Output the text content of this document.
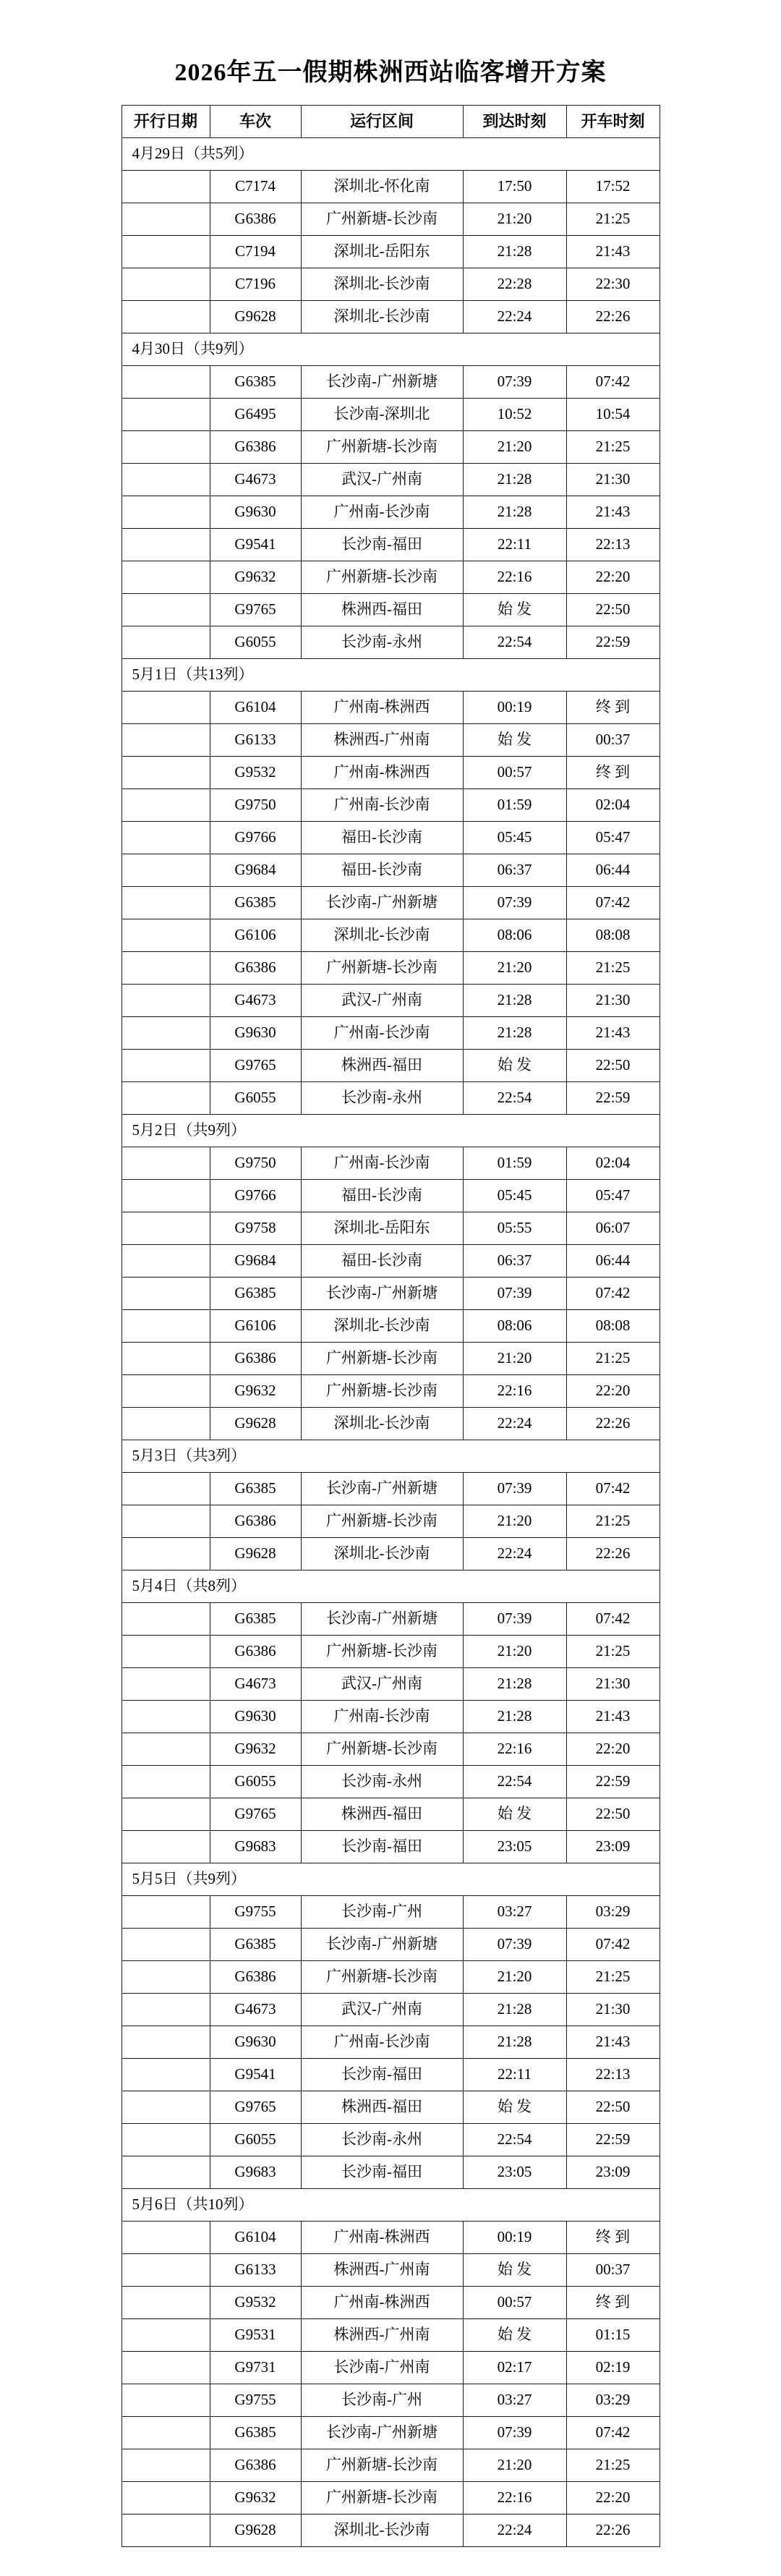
2026年五一假期株洲西站临客增开方案
开行日期	车次	运行区间	到达时刻	开车时刻
4月29日（共5列）				
	C7174	深圳北-怀化南	17:50	17:52
	G6386	广州新塘-长沙南	21:20	21:25
	C7194	深圳北-岳阳东	21:28	21:43
	C7196	深圳北-长沙南	22:28	22:30
	G9628	深圳北-长沙南	22:24	22:26
4月30日（共9列）				
	G6385	长沙南-广州新塘	07:39	07:42
	G6495	长沙南-深圳北	10:52	10:54
	G6386	广州新塘-长沙南	21:20	21:25
	G4673	武汉-广州南	21:28	21:30
	G9630	广州南-长沙南	21:28	21:43
	G9541	长沙南-福田	22:11	22:13
	G9632	广州新塘-长沙南	22:16	22:20
	G9765	株洲西-福田	始 发	22:50
	G6055	长沙南-永州	22:54	22:59
5月1日（共13列）				
	G6104	广州南-株洲西	00:19	终 到
	G6133	株洲西-广州南	始 发	00:37
	G9532	广州南-株洲西	00:57	终 到
	G9750	广州南-长沙南	01:59	02:04
	G9766	福田-长沙南	05:45	05:47
	G9684	福田-长沙南	06:37	06:44
	G6385	长沙南-广州新塘	07:39	07:42
	G6106	深圳北-长沙南	08:06	08:08
	G6386	广州新塘-长沙南	21:20	21:25
	G4673	武汉-广州南	21:28	21:30
	G9630	广州南-长沙南	21:28	21:43
	G9765	株洲西-福田	始 发	22:50
	G6055	长沙南-永州	22:54	22:59
5月2日（共9列）				
	G9750	广州南-长沙南	01:59	02:04
	G9766	福田-长沙南	05:45	05:47
	G9758	深圳北-岳阳东	05:55	06:07
	G9684	福田-长沙南	06:37	06:44
	G6385	长沙南-广州新塘	07:39	07:42
	G6106	深圳北-长沙南	08:06	08:08
	G6386	广州新塘-长沙南	21:20	21:25
	G9632	广州新塘-长沙南	22:16	22:20
	G9628	深圳北-长沙南	22:24	22:26
5月3日（共3列）				
	G6385	长沙南-广州新塘	07:39	07:42
	G6386	广州新塘-长沙南	21:20	21:25
	G9628	深圳北-长沙南	22:24	22:26
5月4日（共8列）				
	G6385	长沙南-广州新塘	07:39	07:42
	G6386	广州新塘-长沙南	21:20	21:25
	G4673	武汉-广州南	21:28	21:30
	G9630	广州南-长沙南	21:28	21:43
	G9632	广州新塘-长沙南	22:16	22:20
	G6055	长沙南-永州	22:54	22:59
	G9765	株洲西-福田	始 发	22:50
	G9683	长沙南-福田	23:05	23:09
5月5日（共9列）				
	G9755	长沙南-广州	03:27	03:29
	G6385	长沙南-广州新塘	07:39	07:42
	G6386	广州新塘-长沙南	21:20	21:25
	G4673	武汉-广州南	21:28	21:30
	G9630	广州南-长沙南	21:28	21:43
	G9541	长沙南-福田	22:11	22:13
	G9765	株洲西-福田	始 发	22:50
	G6055	长沙南-永州	22:54	22:59
	G9683	长沙南-福田	23:05	23:09
5月6日（共10列）				
	G6104	广州南-株洲西	00:19	终 到
	G6133	株洲西-广州南	始 发	00:37
	G9532	广州南-株洲西	00:57	终 到
	G9531	株洲西-广州南	始 发	01:15
	G9731	长沙南-广州南	02:17	02:19
	G9755	长沙南-广州	03:27	03:29
	G6385	长沙南-广州新塘	07:39	07:42
	G6386	广州新塘-长沙南	21:20	21:25
	G9632	广州新塘-长沙南	22:16	22:20
	G9628	深圳北-长沙南	22:24	22:26
